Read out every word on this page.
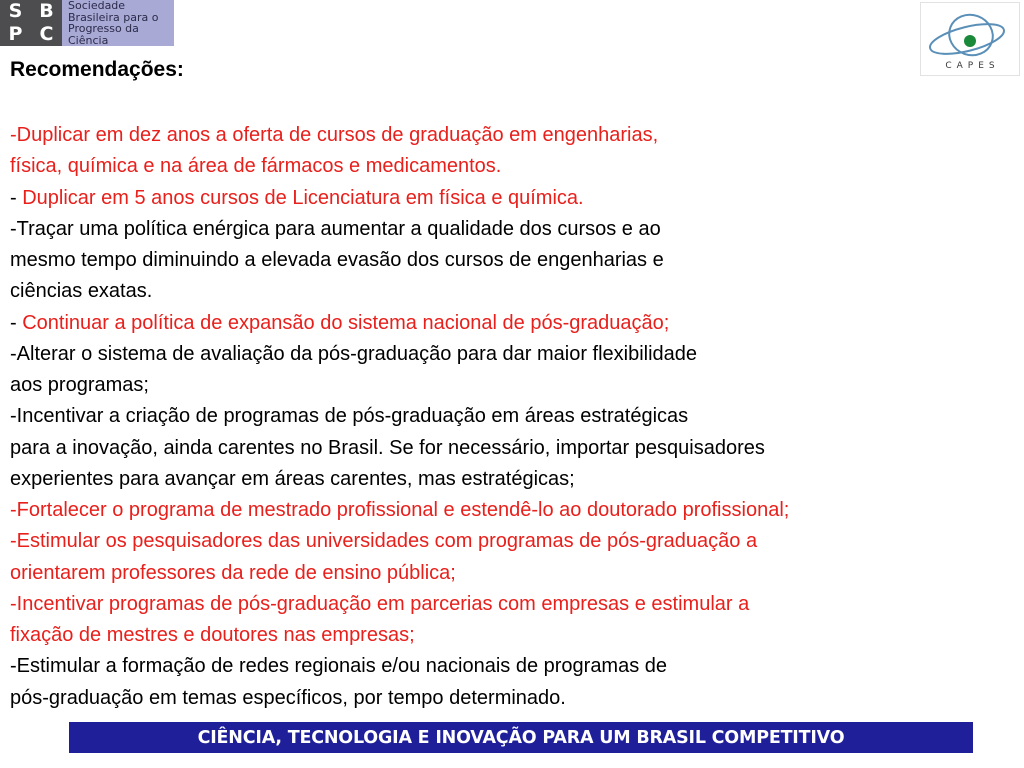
S B
P C
Sociedade
Brasileira para o
Progresso da
Ciência
CAPES
Recomendações:
-Duplicar em dez anos a oferta de cursos de graduação em engenharias,
física, química e na área de fármacos e medicamentos.
- Duplicar em 5 anos cursos de Licenciatura em física e química.
-Traçar uma política enérgica para aumentar a qualidade dos cursos e ao
mesmo tempo diminuindo a elevada evasão dos cursos de engenharias e
ciências exatas.
- Continuar a política de expansão do sistema nacional de pós-graduação;
-Alterar o sistema de avaliação da pós-graduação para dar maior flexibilidade
aos programas;
-Incentivar a criação de programas de pós-graduação em áreas estratégicas
para a inovação, ainda carentes no Brasil. Se for necessário, importar pesquisadores
experientes para avançar em áreas carentes, mas estratégicas;
-Fortalecer o programa de mestrado profissional e estendê-lo ao doutorado profissional;
-Estimular os pesquisadores das universidades com programas de pós-graduação a
orientarem professores da rede de ensino pública;
-Incentivar programas de pós-graduação em parcerias com empresas e estimular a
fixação de mestres e doutores nas empresas;
-Estimular a formação de redes regionais e/ou nacionais de programas de
pós-graduação em temas específicos, por tempo determinado.
CIÊNCIA, TECNOLOGIA E INOVAÇÃO PARA UM BRASIL COMPETITIVO
